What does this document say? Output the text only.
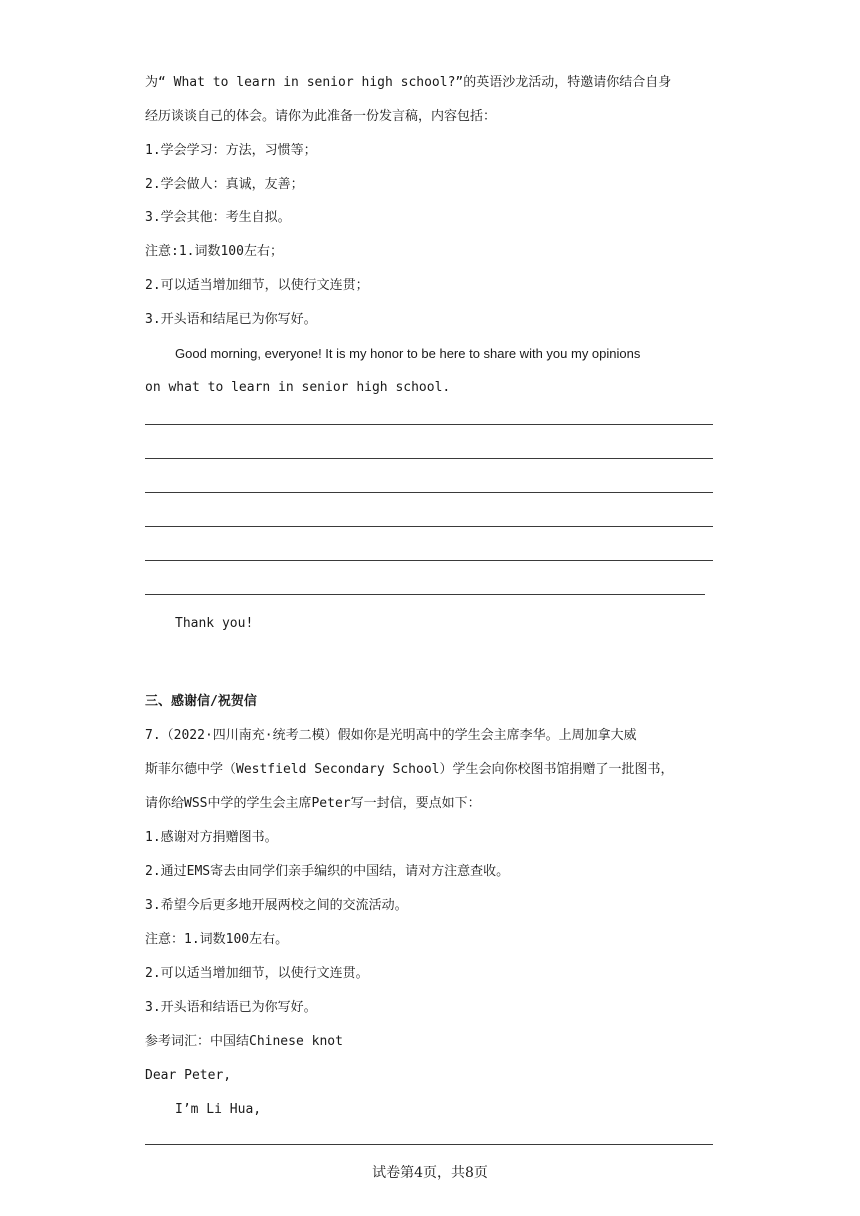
为“ What to learn in senior high school?”的英语沙龙活动，特邀请你结合自身
经历谈谈自己的体会。请你为此准备一份发言稿，内容包括：
1.学会学习：方法，习惯等；
2.学会做人：真诚，友善；
3.学会其他：考生自拟。
注意:1.词数100左右；
2.可以适当增加细节，以使行文连贯；
3.开头语和结尾已为你写好。
Good morning, everyone! It is my honor to be here to share with you my opinions
on what to learn in senior high school.
Thank you!
三、感谢信/祝贺信
7.（2022·四川南充·统考二模）假如你是光明高中的学生会主席李华。上周加拿大威
斯菲尔德中学（Westfield Secondary School）学生会向你校图书馆捐赠了一批图书，
请你给WSS中学的学生会主席Peter写一封信，要点如下：
1.感谢对方捐赠图书。
2.通过EMS寄去由同学们亲手编织的中国结，请对方注意查收。
3.希望今后更多地开展两校之间的交流活动。
注意：1.词数100左右。
2.可以适当增加细节，以使行文连贯。
3.开头语和结语已为你写好。
参考词汇：中国结Chinese knot
Dear Peter,
I’m Li Hua,
试卷第4页，共8页
